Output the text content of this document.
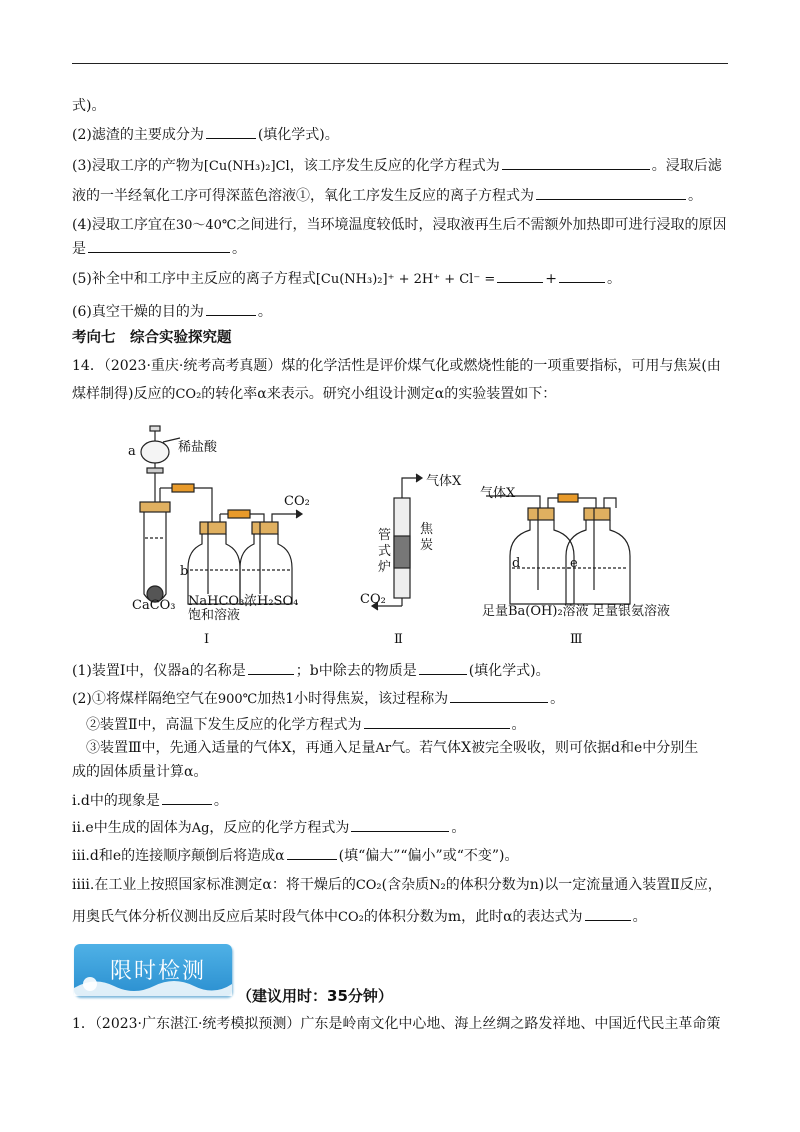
式)。
(2)滤渣的主要成分为	(填化学式)。
(3)浸取工序的产物为[Cu(NH₃)₂]Cl，该工序发生反应的化学方程式为	。浸取后滤
液的一半经氧化工序可得深蓝色溶液①，氧化工序发生反应的离子方程式为	。
(4)浸取工序宜在30～40℃之间进行，当环境温度较低时，浸取液再生后不需额外加热即可进行浸取的原因
是	。
(5)补全中和工序中主反应的离子方程式[Cu(NH₃)₂]⁺ + 2H⁺ + Cl⁻ =	+	。
(6)真空干燥的目的为	。
考向七　综合实验探究题
14．（2023·重庆·统考高考真题）煤的化学活性是评价煤气化或燃烧性能的一项重要指标，可用与焦炭(由
煤样制得)反应的CO₂的转化率α来表示。研究小组设计测定α的实验装置如下：
a	稀盐酸
b
CO₂
CaCO₃ NaHCO₃
饱和溶液
浓H₂SO₄
Ⅰ
气体X
管
式
炉
焦
炭
CO₂
Ⅱ
气体X
d	e
足量Ba(OH)₂溶液 足量银氨溶液
Ⅲ
(1)装置Ⅰ中，仪器a的名称是	；b中除去的物质是	(填化学式)。
(2)①将煤样隔绝空气在900℃加热1小时得焦炭，该过程称为	。
②装置Ⅱ中，高温下发生反应的化学方程式为	。
③装置Ⅲ中，先通入适量的气体X，再通入足量Ar气。若气体X被完全吸收，则可依据d和e中分别生
成的固体质量计算α。
i.d中的现象是	。
ii.e中生成的固体为Ag，反应的化学方程式为	。
iii.d和e的连接顺序颠倒后将造成α	(填“偏大”“偏小”或“不变”)。
iiii.在工业上按照国家标准测定α：将干燥后的CO₂(含杂质N₂的体积分数为n)以一定流量通入装置Ⅱ反应，
用奥氏气体分析仪测出反应后某时段气体中CO₂的体积分数为m，此时α的表达式为	。
限时检测
（建议用时：35分钟）
1．（2023·广东湛江·统考模拟预测）广东是岭南文化中心地、海上丝绸之路发祥地、中国近代民主革命策
